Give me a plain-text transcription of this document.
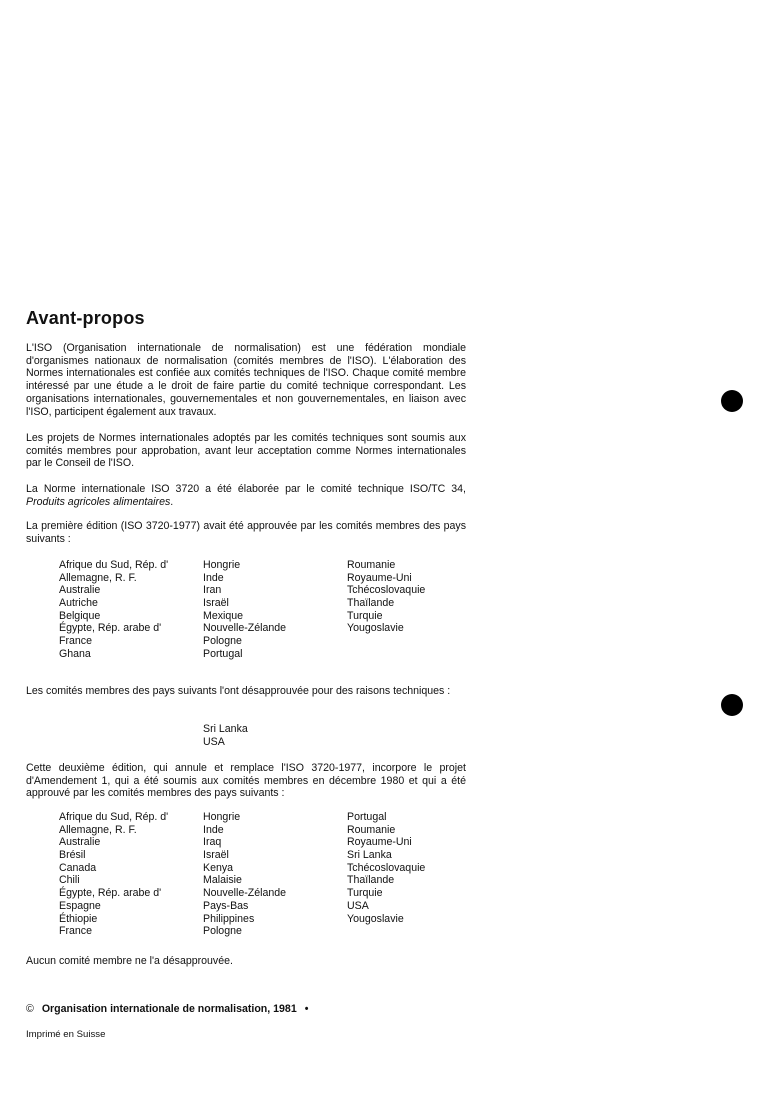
Avant-propos

L'ISO (Organisation internationale de normalisation) est une fédération mondiale d'organismes nationaux de normalisation (comités membres de l'ISO). L'élaboration des Normes internationales est confiée aux comités techniques de l'ISO. Chaque comité membre intéressé par une étude a le droit de faire partie du comité technique correspondant. Les organisations internationales, gouvernementales et non gouvernementales, en liaison avec l'ISO, participent également aux travaux.

Les projets de Normes internationales adoptés par les comités techniques sont soumis aux comités membres pour approbation, avant leur acceptation comme Normes internationales par le Conseil de l'ISO.

La Norme internationale ISO 3720 a été élaborée par le comité technique ISO/TC 34, Produits agricoles alimentaires.

La première édition (ISO 3720-1977) avait été approuvée par les comités membres des pays suivants :

Afrique du Sud, Rép. d'
Allemagne, R. F.
Australie
Autriche
Belgique
Égypte, Rép. arabe d'
France
Ghana
Hongrie
Inde
Iran
Israël
Mexique
Nouvelle-Zélande
Pologne
Portugal
Roumanie
Royaume-Uni
Tchécoslovaquie
Thaïlande
Turquie
Yougoslavie

Les comités membres des pays suivants l'ont désapprouvée pour des raisons techniques :

Sri Lanka
USA

Cette deuxième édition, qui annule et remplace l'ISO 3720-1977, incorpore le projet d'Amendement 1, qui a été soumis aux comités membres en décembre 1980 et qui a été approuvé par les comités membres des pays suivants :

Afrique du Sud, Rép. d'
Allemagne, R. F.
Australie
Brésil
Canada
Chili
Égypte, Rép. arabe d'
Espagne
Éthiopie
France
Hongrie
Inde
Iraq
Israël
Kenya
Malaisie
Nouvelle-Zélande
Pays-Bas
Philippines
Pologne
Portugal
Roumanie
Royaume-Uni
Sri Lanka
Tchécoslovaquie
Thaïlande
Turquie
USA
Yougoslavie

Aucun comité membre ne l'a désapprouvée.

© Organisation internationale de normalisation, 1981 •
Imprimé en Suisse
